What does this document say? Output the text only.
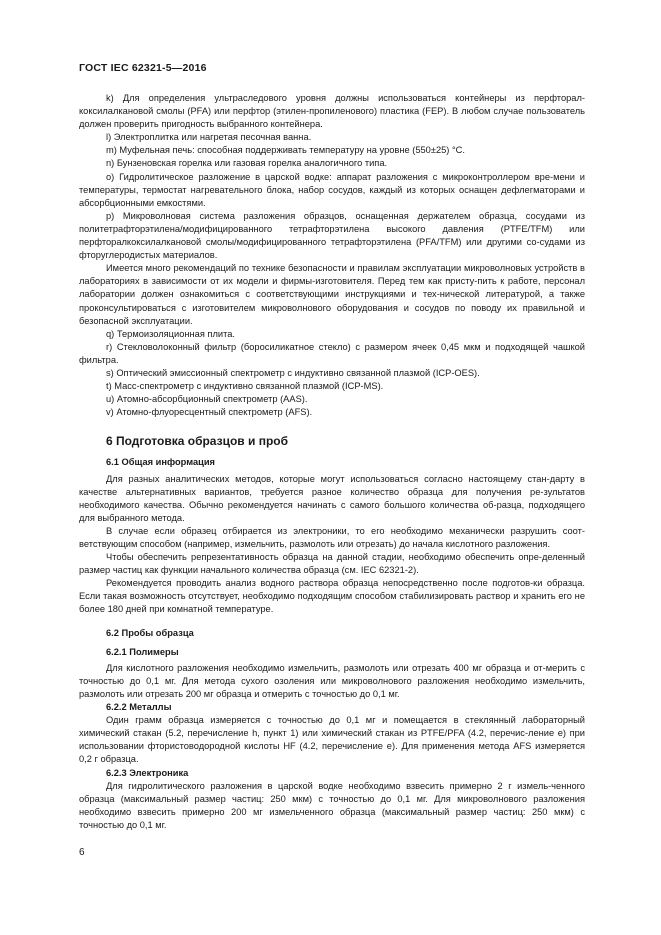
ГОСТ IEC 62321-5—2016

k) Для определения ультраследового уровня должны использоваться контейнеры из перфторал-коксилалкановой смолы (PFA) или перфтор (этилен-пропиленового) пластика (FEP). В любом случае пользователь должен проверить пригодность выбранного контейнера.

l) Электроплитка или нагретая песочная ванна.

m) Муфельная печь: способная поддерживать температуру на уровне (550±25) °С.

n) Бунзеновская горелка или газовая горелка аналогичного типа.

o) Гидролитическое разложение в царской водке: аппарат разложения с микроконтроллером вре-мени и температуры, термостат нагревательного блока, набор сосудов, каждый из которых оснащен дефлегматорами и абсорбционными емкостями.

p) Микроволновая система разложения образцов, оснащенная держателем образца, сосудами из политетрафторэтилена/модифицированного тетрафторэтилена высокого давления (PTFE/TFM) или перфторалкоксилалкановой смолы/модифицированного тетрафторэтилена (PFA/TFM) или другими со-судами из фторуглеродистых материалов.

Имеется много рекомендаций по технике безопасности и правилам эксплуатации микроволновых устройств в лабораториях в зависимости от их модели и фирмы-изготовителя. Перед тем как присту-пить к работе, персонал лаборатории должен ознакомиться с соответствующими инструкциями и тех-нической литературой, а также проконсультироваться с изготовителем микроволнового оборудования и сосудов по поводу их правильной и безопасной эксплуатации.

q) Термоизоляционная плита.

r) Стекловолоконный фильтр (боросиликатное стекло) с размером ячеек 0,45 мкм и подходящей чашкой фильтра.

s) Оптический эмиссионный спектрометр с индуктивно связанной плазмой (ICP-OES).

t) Масс-спектрометр с индуктивно связанной плазмой (ICP-MS).

u) Атомно-абсорбционный спектрометр (AAS).

v) Атомно-флуоресцентный спектрометр (AFS).

6 Подготовка образцов и проб

6.1 Общая информация

Для разных аналитических методов, которые могут использоваться согласно настоящему стан-дарту в качестве альтернативных вариантов, требуется разное количество образца для получения ре-зультатов необходимого качества. Обычно рекомендуется начинать с самого большого количества об-разца, подходящего для выбранного метода.

В случае если образец отбирается из электроники, то его необходимо механически разрушить соот-ветствующим способом (например, измельчить, размолоть или отрезать) до начала кислотного разложения.

Чтобы обеспечить репрезентативность образца на данной стадии, необходимо обеспечить опре-деленный размер частиц как функции начального количества образца (см. IEC 62321-2).

Рекомендуется проводить анализ водного раствора образца непосредственно после подготов-ки образца. Если такая возможность отсутствует, необходимо подходящим способом стабилизировать раствор и хранить его не более 180 дней при комнатной температуре.

6.2 Пробы образца

6.2.1 Полимеры

Для кислотного разложения необходимо измельчить, размолоть или отрезать 400 мг образца и от-мерить с точностью до 0,1 мг. Для метода сухого озоления или микроволнового разложения необходимо измельчить, размолоть или отрезать 200 мг образца и отмерить с точностью до 0,1 мг.

6.2.2 Металлы

Один грамм образца измеряется с точностью до 0,1 мг и помещается в стеклянный лабораторный химический стакан (5.2, перечисление h, пункт 1) или химический стакан из PTFE/PFA (4.2, перечис-ление e) при использовании фтористоводородной кислоты HF (4.2, перечисление e). Для применения метода AFS измеряется 0,2 г образца.

6.2.3 Электроника

Для гидролитического разложения в царской водке необходимо взвесить примерно 2 г измель-ченного образца (максимальный размер частиц: 250 мкм) с точностью до 0,1 мг. Для микроволнового разложения необходимо взвесить примерно 200 мг измельченного образца (максимальный размер частиц: 250 мкм) с точностью до 0,1 мг.

6
